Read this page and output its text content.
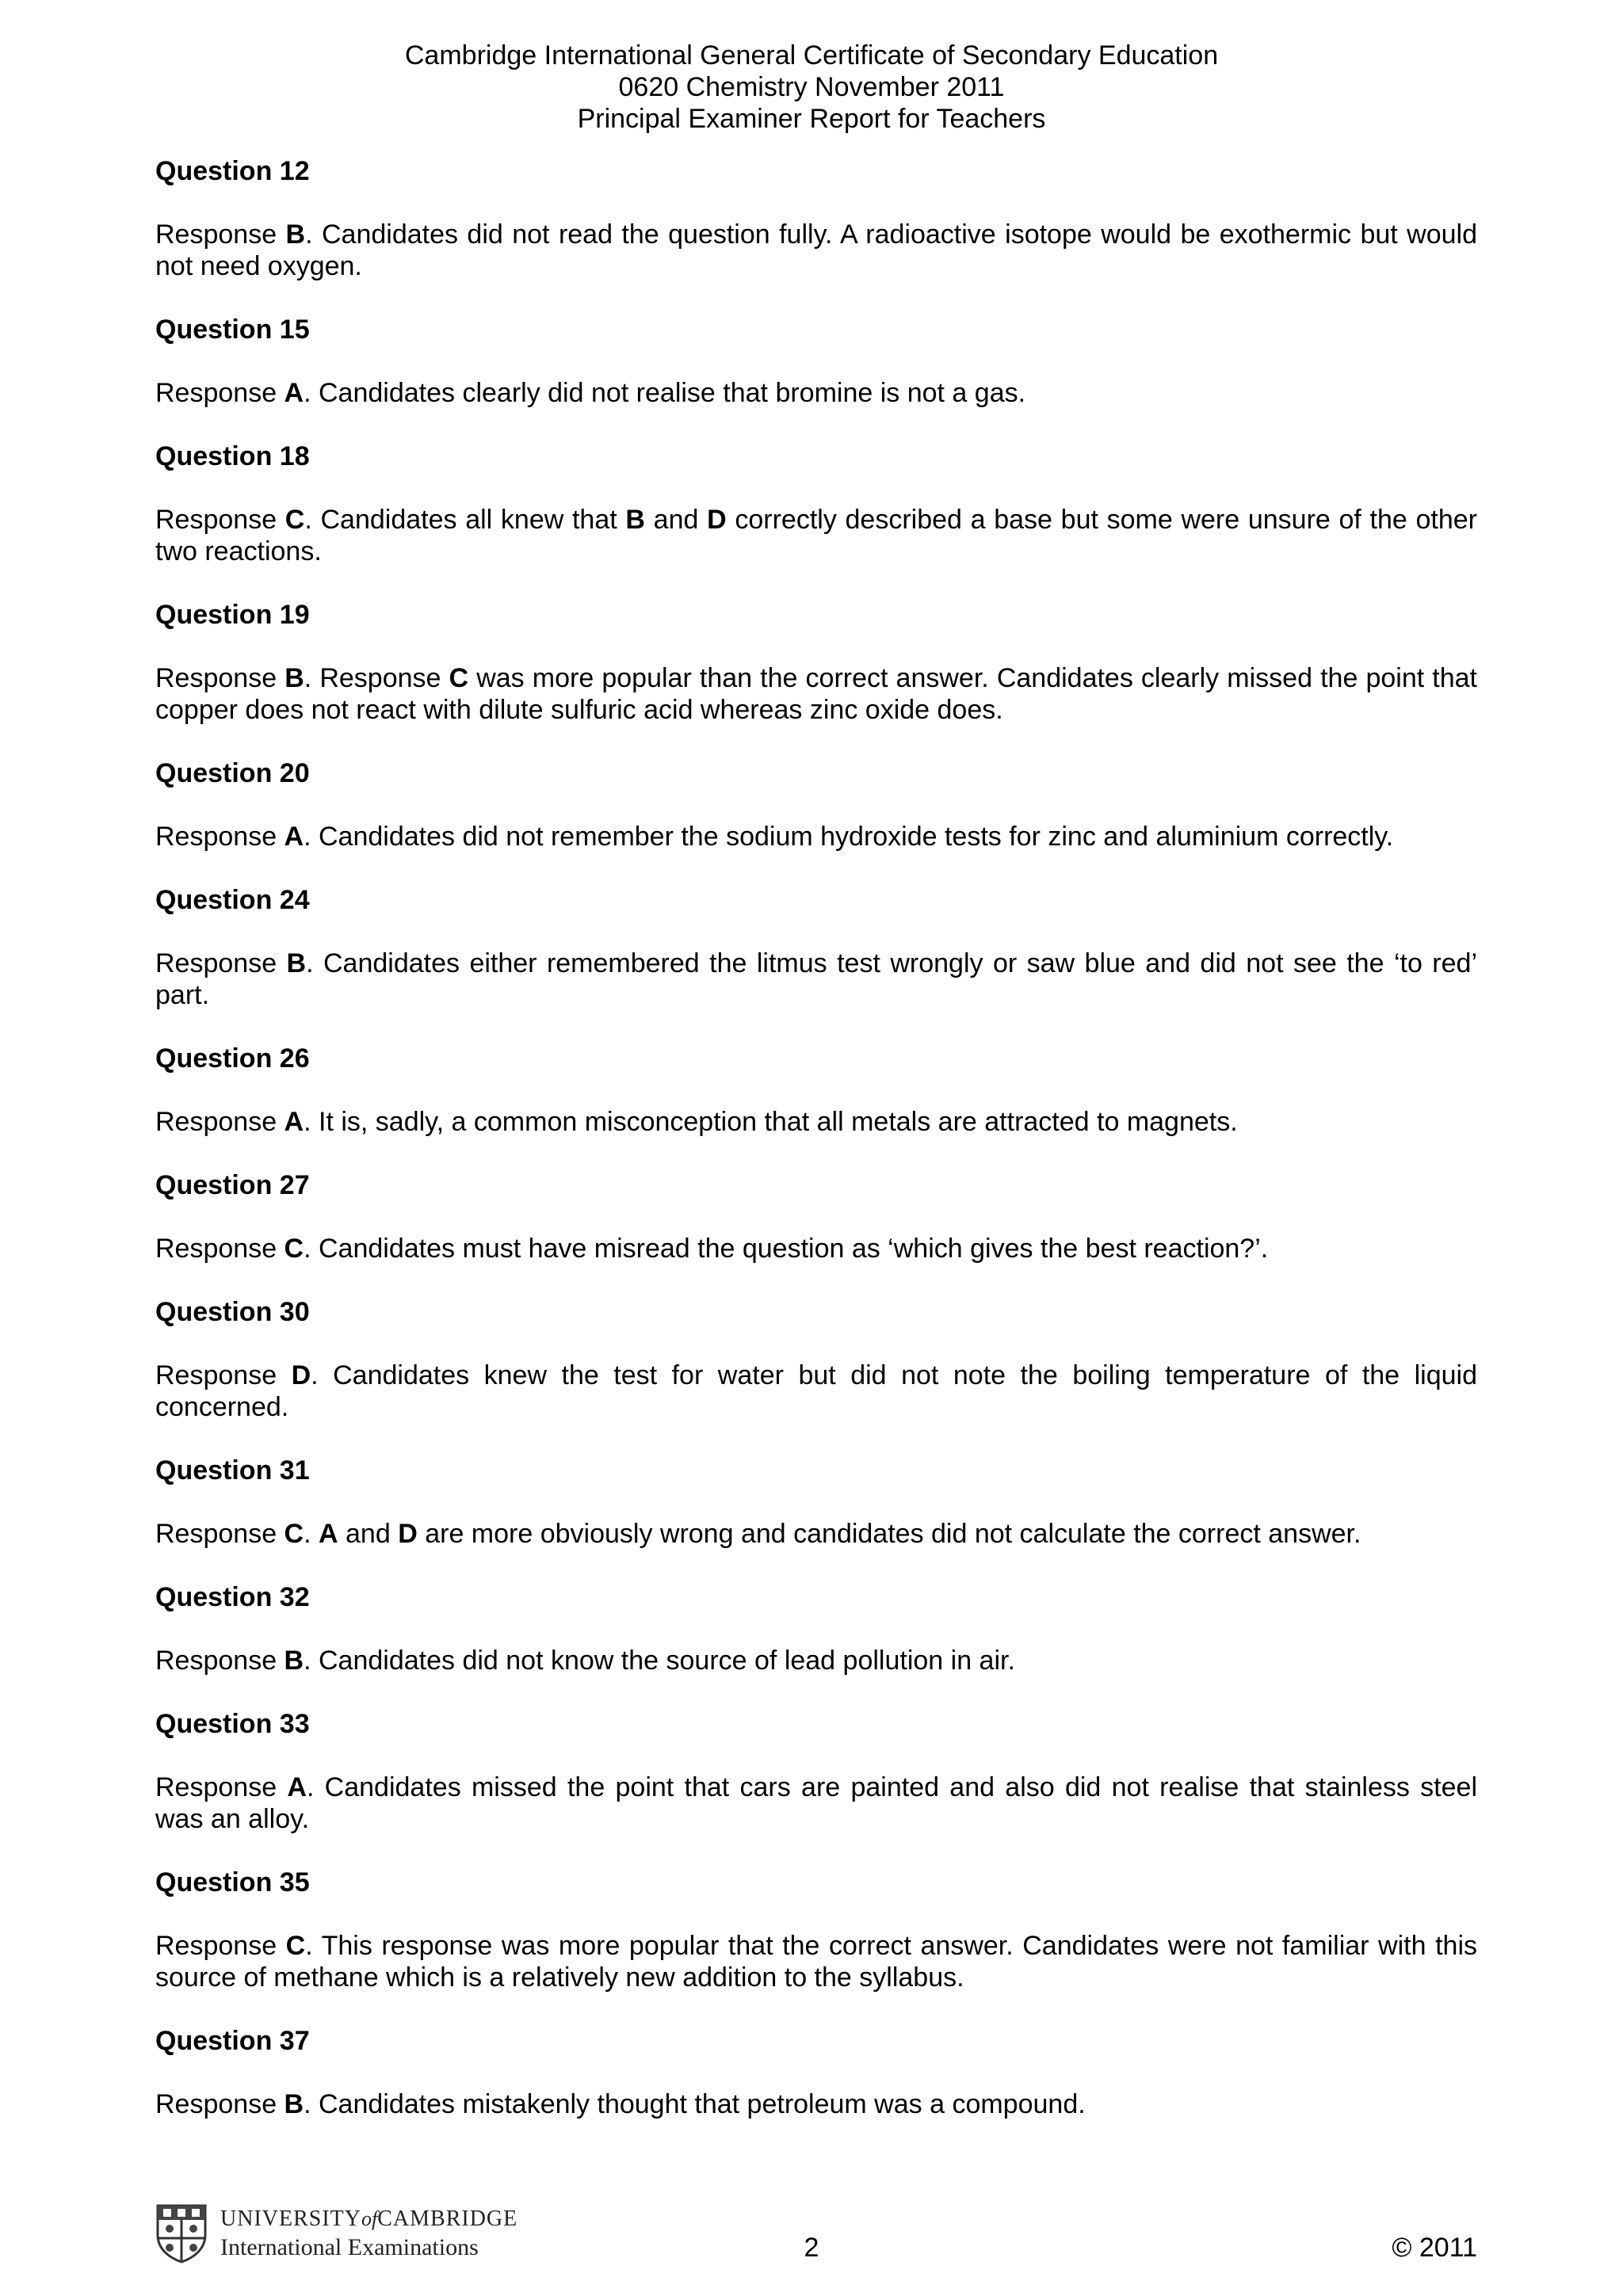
Cambridge International General Certificate of Secondary Education
0620 Chemistry November 2011
Principal Examiner Report for Teachers

Question 12

Response B. Candidates did not read the question fully. A radioactive isotope would be exothermic but would not need oxygen.

Question 15

Response A. Candidates clearly did not realise that bromine is not a gas.

Question 18

Response C. Candidates all knew that B and D correctly described a base but some were unsure of the other two reactions.

Question 19

Response B. Response C was more popular than the correct answer. Candidates clearly missed the point that copper does not react with dilute sulfuric acid whereas zinc oxide does.

Question 20

Response A. Candidates did not remember the sodium hydroxide tests for zinc and aluminium correctly.

Question 24

Response B. Candidates either remembered the litmus test wrongly or saw blue and did not see the ‘to red’ part.

Question 26

Response A. It is, sadly, a common misconception that all metals are attracted to magnets.

Question 27

Response C. Candidates must have misread the question as ‘which gives the best reaction?’.

Question 30

Response D. Candidates knew the test for water but did not note the boiling temperature of the liquid concerned.

Question 31

Response C. A and D are more obviously wrong and candidates did not calculate the correct answer.

Question 32

Response B. Candidates did not know the source of lead pollution in air.

Question 33

Response A. Candidates missed the point that cars are painted and also did not realise that stainless steel was an alloy.

Question 35

Response C. This response was more popular that the correct answer. Candidates were not familiar with this source of methane which is a relatively new addition to the syllabus.

Question 37

Response B. Candidates mistakenly thought that petroleum was a compound.

UNIVERSITYofCAMBRIDGE
International Examinations	2	© 2011
